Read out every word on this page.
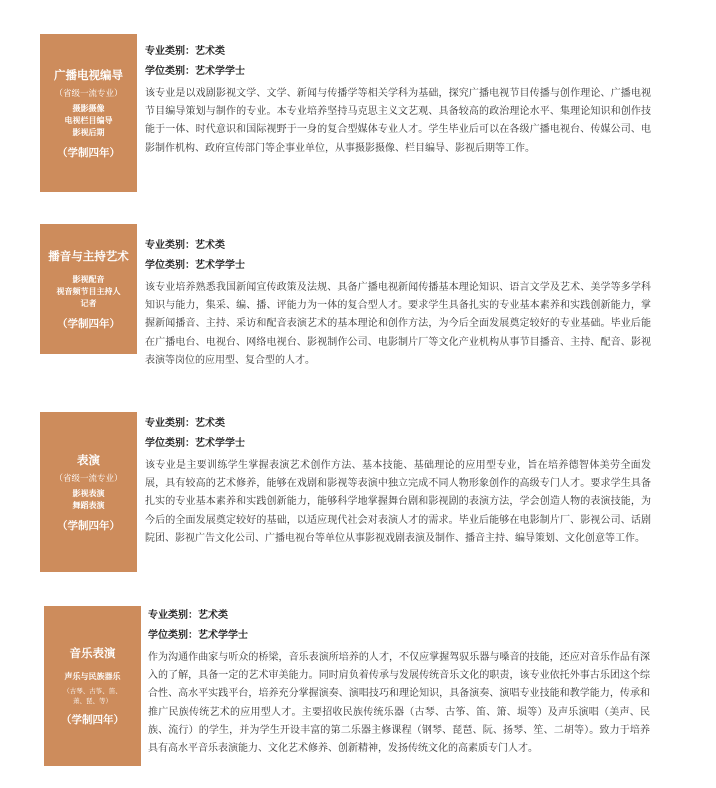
广播电视编导
（省级一流专业）
摄影摄像
电视栏目编导
影视后期
（学制四年）
专业类别：艺术类
学位类别：艺术学学士
该专业是以戏剧影视文学、文学、新闻与传播学等相关学科为基础，探究广播电视节目传播与创作理论、广播电视节目编导策划与制作的专业。本专业培养坚持马克思主义文艺观、具备较高的政治理论水平、集理论知识和创作技能于一体、时代意识和国际视野于一身的复合型媒体专业人才。学生毕业后可以在各级广播电视台、传媒公司、电影制作机构、政府宣传部门等企事业单位，从事摄影摄像、栏目编导、影视后期等工作。
播音与主持艺术
影视配音
视音频节目主持人
记者
（学制四年）
专业类别：艺术类
学位类别：艺术学学士
该专业培养熟悉我国新闻宣传政策及法规、具备广播电视新闻传播基本理论知识、语言文学及艺术、美学等多学科知识与能力，集采、编、播、评能力为一体的复合型人才。要求学生具备扎实的专业基本素养和实践创新能力，掌握新闻播音、主持、采访和配音表演艺术的基本理论和创作方法，为今后全面发展奠定较好的专业基础。毕业后能在广播电台、电视台、网络电视台、影视制作公司、电影制片厂等文化产业机构从事节目播音、主持、配音、影视表演等岗位的应用型、复合型的人才。
表演
（省级一流专业）
影视表演
舞蹈表演
（学制四年）
专业类别：艺术类
学位类别：艺术学学士
该专业是主要训练学生掌握表演艺术创作方法、基本技能、基础理论的应用型专业，旨在培养德智体美劳全面发展，具有较高的艺术修养，能够在戏剧和影视等表演中独立完成不同人物形象创作的高级专门人才。要求学生具备扎实的专业基本素养和实践创新能力，能够科学地掌握舞台剧和影视剧的表演方法，学会创造人物的表演技能，为今后的全面发展奠定较好的基础，以适应现代社会对表演人才的需求。毕业后能够在电影制片厂、影视公司、话剧院团、影视广告文化公司、广播电视台等单位从事影视戏剧表演及制作、播音主持、编导策划、文化创意等工作。
音乐表演
声乐与民族器乐
（古琴、古筝、笛、
萧、琵、等）
（学制四年）
专业类别：艺术类
学位类别：艺术学学士
作为沟通作曲家与听众的桥梁，音乐表演所培养的人才，不仅应掌握驾驭乐器与嗓音的技能，还应对音乐作品有深入的了解，具备一定的艺术审美能力。同时肩负着传承与发展传统音乐文化的职责，该专业依托外事古乐团这个综合性、高水平实践平台，培养充分掌握演奏、演唱技巧和理论知识，具备演奏、演唱专业技能和教学能力，传承和推广民族传统艺术的应用型人才。主要招收民族传统乐器（古琴、古筝、笛、箫、埙等）及声乐演唱（美声、民族、流行）的学生，并为学生开设丰富的第二乐器主修课程（钢琴、琵琶、阮、扬琴、笙、二胡等）。致力于培养具有高水平音乐表演能力、文化艺术修养、创新精神，发扬传统文化的高素质专门人才。
